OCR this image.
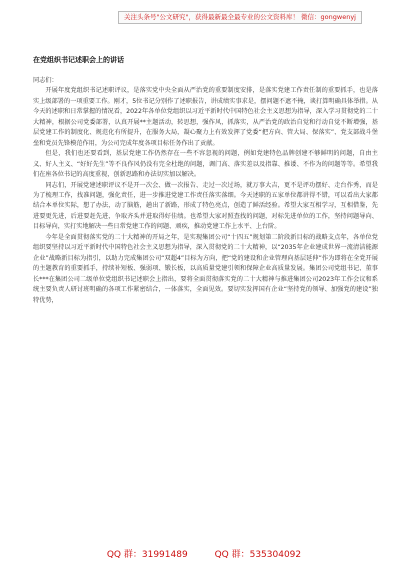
关注头条号"公文研究"，获得最新最全最专业的公文资料库！ 微信：gongwenyj
在党组织书记述职会上的讲话

同志们：

开展年度党组织书记述职评议，是落实党中央全面从严治党的重要制度安排，是落实党建工作责任制的重要抓手，也是落实上级部署的一项重要工作。刚才，5位书记分别作了述职报告，讲成绩实事求是，摆问题不遮不掩，谈打算明确具体举措。从今天的述职和日常掌握的情况看，2022年各单位党组织以习近平新时代中国特色社会主义思想为指导，深入学习贯彻党的二十大精神，根据公司党委部署，认真开展**主题活动，转思想，强作风，抓落实，从严治党的政治自觉和行动自觉不断增强，基层党建工作的制度化、规范化有所提升，在服务大局，凝心聚力上有效发挥了党委“把方向、管大局、保落实”、党支部战斗堡垒和党员先锋模范作用，为公司完成年度各项目标任务作出了贡献。

但是，我们也还要看到，基层党建工作仍然存在一些不容忽视的问题，例如党建特色品牌创建不够鲜明的问题，自由主义、好人主义、“好好先生”等不良作风仍没有完全杜绝的问题，调门高、落实差以及指靠、推诿、不作为的问题等等。希望我们在座各位书记的高度重视，创新思路和办法切实加以解决。

同志们，开展党建述职评议不是开一次会、做一次报告、走过一次过场，就万事大吉，更不是评功摆好、走台作秀，而是为了梳理工作，找准问题，强化责任，进一步推进党建工作责任落实落细。今天述职的五家单位都讲得不错，可以看出大家都结合本单位实际，想了办法，动了脑筋，趟出了新路，形成了特色亮点，创造了鲜活经验。希望大家互相学习，互相借鉴，先进要更先进，后进要赶先进，争取齐头并进取得好佳绩。也希望大家对照查找的问题，对标先进单位的工作，坚持问题导向、目标导向，实打实地解决一些日常党建工作的问题、顽疾，推动党建工作上水平、上台阶。

今年是全面贯彻落实党的二十大精神的开局之年，是实现集团公司“十四五”规划第二阶段新目标的战略支点年，各单位党组织要坚持以习近平新时代中国特色社会主义思想为指导，深入贯彻党的二十大精神，以“2035年企业建成世界一流清洁能源企业”战略新目标为指引，以助力完成集团公司“双超4”目标为方向，把“党的建设和企业管理向基层延伸”作为即将在全党开展的主题教育的重要抓手，持续补短板、强弱项、锻长板，以高质量党建引领和保障企业高质量发展。集团公司党组书记、董事长***在集团公司二级单位党组织书记述职会上指出，要将全面贯彻落实党的二十大精神与推进集团公司2023年工作会议和系统主要负责人研讨班明确的各项工作紧密结合，一体落实，全面见效。要切实发挥国有企业“坚持党的领导、加强党的建设”独特优势，

QQ 群：31991489	QQ 群：535304092
